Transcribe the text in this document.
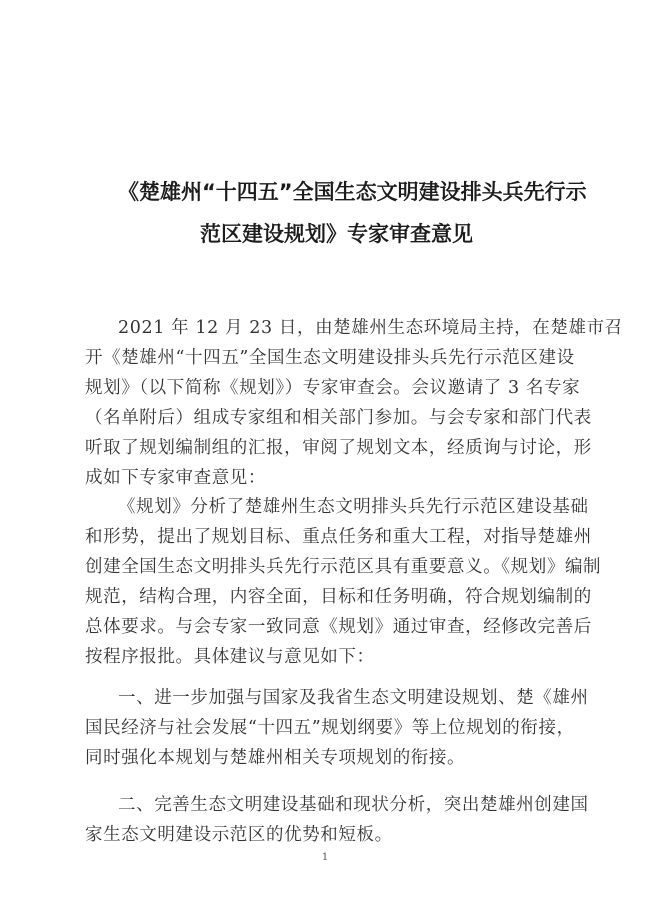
《楚雄州“十四五”全国生态文明建设排头兵先行示
范区建设规划》专家审查意见
2021 年 12 月 23 日，由楚雄州生态环境局主持，在楚雄市召
开《楚雄州“十四五”全国生态文明建设排头兵先行示范区建设
规划》（以下简称《规划》）专家审查会。会议邀请了 3 名专家
（名单附后）组成专家组和相关部门参加。与会专家和部门代表
听取了规划编制组的汇报，审阅了规划文本，经质询与讨论，形
成如下专家审查意见：
《规划》分析了楚雄州生态文明排头兵先行示范区建设基础
和形势，提出了规划目标、重点任务和重大工程，对指导楚雄州
创建全国生态文明排头兵先行示范区具有重要意义。《规划》编制
规范，结构合理，内容全面，目标和任务明确，符合规划编制的
总体要求。与会专家一致同意《规划》通过审查，经修改完善后
按程序报批。具体建议与意见如下：
一、进一步加强与国家及我省生态文明建设规划、楚《雄州
国民经济与社会发展“十四五”规划纲要》等上位规划的衔接，
同时强化本规划与楚雄州相关专项规划的衔接。
二、完善生态文明建设基础和现状分析，突出楚雄州创建国
家生态文明建设示范区的优势和短板。
1
